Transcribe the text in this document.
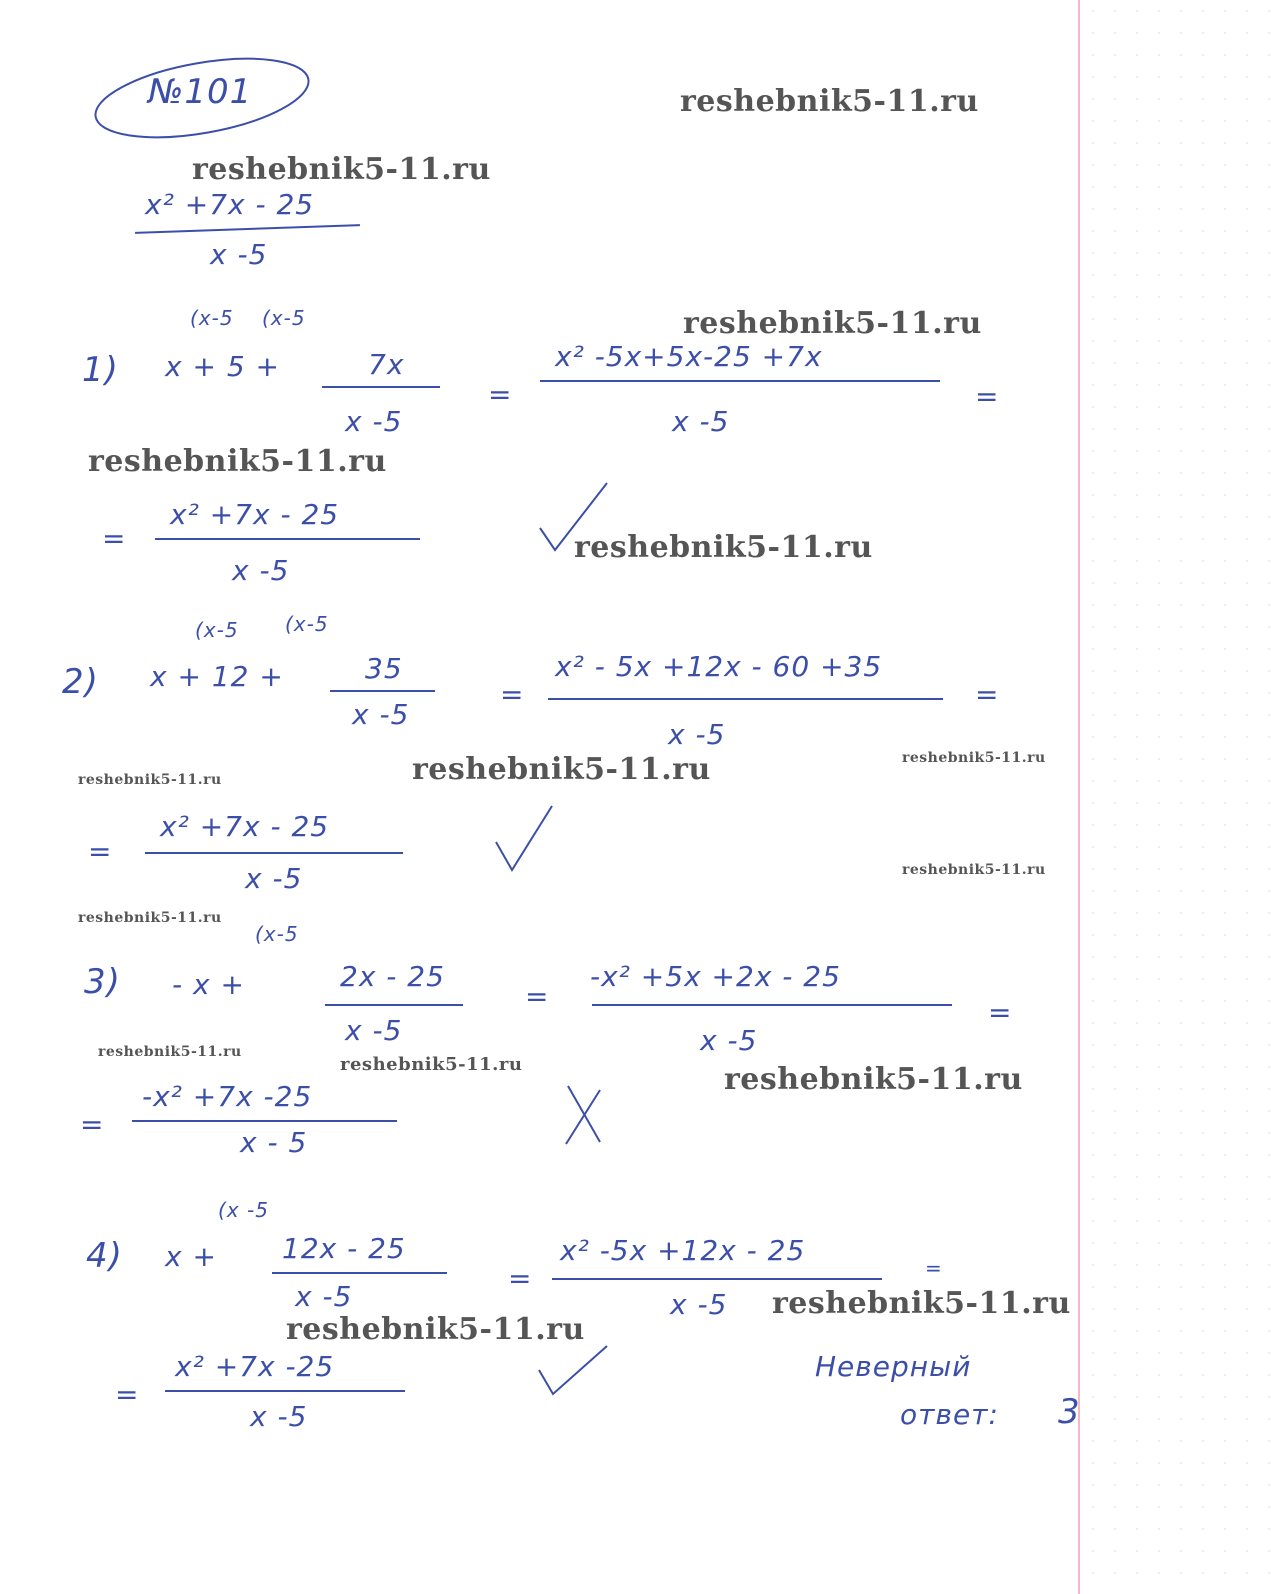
№101	reshebnik5-11.ru
reshebnik5-11.ru
reshebnik5-11.ru
reshebnik5-11.ru
reshebnik5-11.ru
reshebnik5-11.ru	reshebnik5-11.ru
reshebnik5-11.ru
reshebnik5-11.ru
reshebnik5-11.ru
reshebnik5-11.ru
reshebnik5-11.ru	reshebnik5-11.ru
reshebnik5-11.ru
reshebnik5-11.ru
x² +7x - 25
x -5
1)
(x-5 (x-5
x + 5 +	7x
x -5
=
x² -5x+5x-25 +7x
x -5
=
=
x² +7x - 25
x -5
2)
(x-5 (x-5
x + 12 +	35
x -5
=
x² - 5x +12x - 60 +35
x -5
=
=
x² +7x - 25
x -5
3)
(x-5
- x +	2x - 25
x -5
=
-x² +5x +2x - 25
x -5
=
=
-x² +7x -25
x - 5
4)
(x -5
x + 12x - 25
x -5
=
x² -5x +12x - 25
x -5
=
=
x² +7x -25
x -5
Неверный
ответ: 3
